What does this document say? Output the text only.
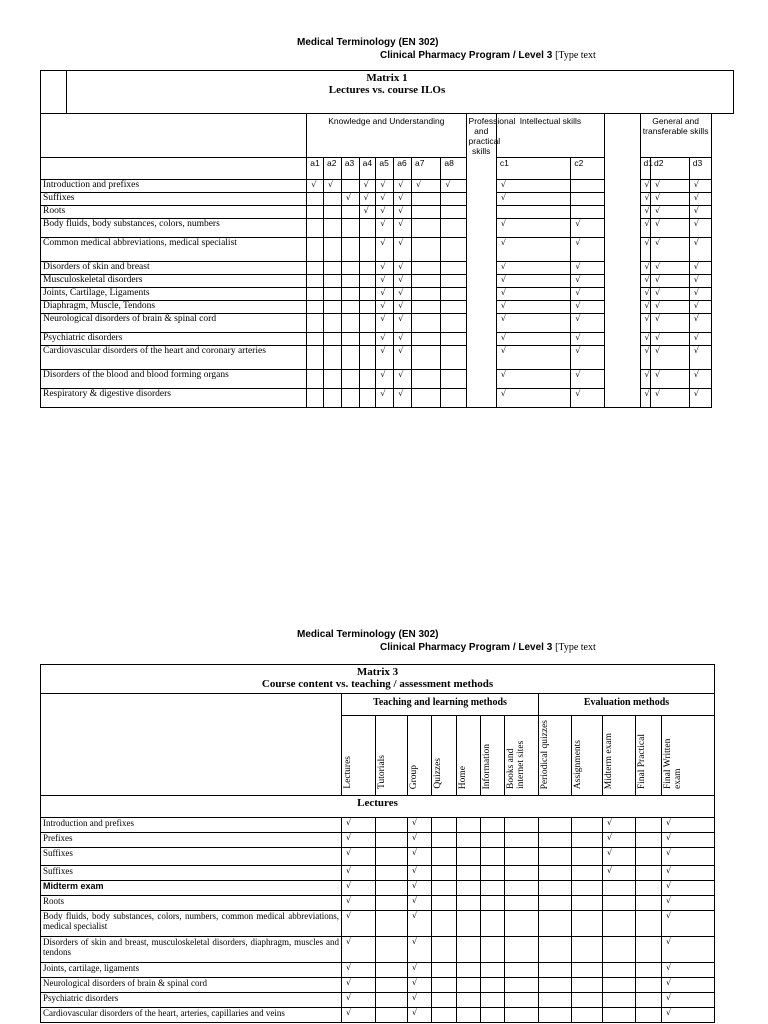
Medical Terminology (EN 302)
Clinical Pharmacy Program / Level 3 [Type text
Matrix 1
Lectures vs. course ILOs															

	Knowledge and Understanding								Professional and practical skills	Intellectual skills			General and transferable skills		
	a1	a2	a3	a4	a5	a6	a7	a8		c1	c2		d1	d2	d3
Introduction and prefixes	√	√		√	√	√	√	√		√			√	√	√
Suffixes			√	√	√	√				√			√	√	√
Roots				√	√	√							√	√	√
Body fluids, body substances, colors, numbers					√	√				√	√		√	√	√
Common medical abbreviations, medical specialist					√	√				√	√		√	√	√
Disorders of skin and breast					√	√				√	√		√	√	√
Musculoskeletal disorders					√	√				√	√		√	√	√
Joints, Cartilage, Ligaments					√	√				√	√		√	√	√
Diaphragm, Muscle, Tendons					√	√				√	√		√	√	√
Neurological disorders of brain & spinal cord					√	√				√	√		√	√	√
Psychiatric disorders					√	√				√	√		√	√	√
Cardiovascular disorders of the heart and coronary arteries					√	√				√	√		√	√	√
Disorders of the blood and blood forming organs					√	√				√	√		√	√	√
Respiratory & digestive disorders					√	√				√	√		√	√	√
Medical Terminology (EN 302)
Clinical Pharmacy Program / Level 3 [Type text
Matrix 3
Course content vs. teaching / assessment methods												

	Teaching and learning methods							Evaluation methods				
	Lectures	Tutorials	Group	Quizzes	Home	Information	Books and internet sites	Periodical quizzes	Assignments	Midterm exam	Final Practical	Final Written exam
Lectures												
Introduction and prefixes	√		√							√		√
Prefixes	√		√							√		√
Suffixes	√		√							√		√
Suffixes	√		√							√		√
Midterm exam	√		√									√
Roots	√		√									√
Body fluids, body substances, colors, numbers, common medical abbreviations, medical specialist	√		√									√
Disorders of skin and breast, musculoskeletal disorders, diaphragm, muscles and tendons	√		√									√
Joints, cartilage, ligaments	√		√									√
Neurological disorders of brain & spinal cord	√		√									√
Psychiatric disorders	√		√									√
Cardiovascular disorders of the heart, arteries, capillaries and veins	√		√									√
